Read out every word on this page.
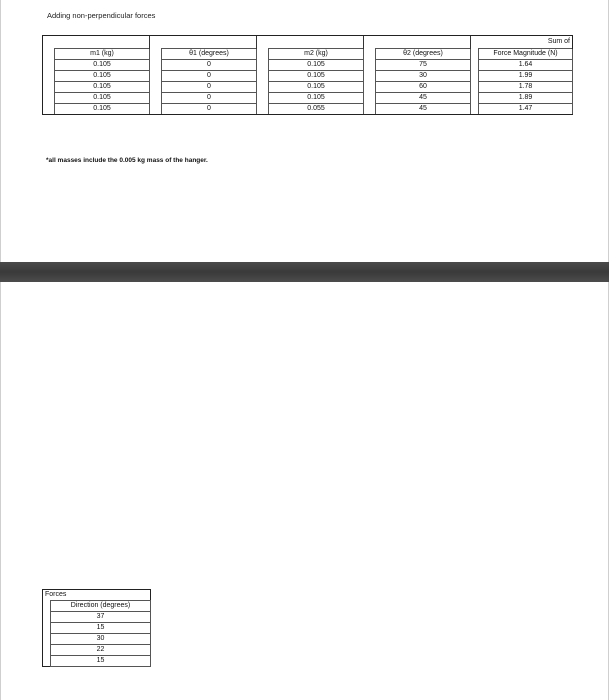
Adding non-perpendicular forces
									Sum of
	m1 (kg)		θ1 (degrees)		m2 (kg)		θ2 (degrees)		Force Magnitude (N)
	0.105		0		0.105		75		1.64
	0.105		0		0.105		30		1.99
	0.105		0		0.105		60		1.78
	0.105		0		0.105		45		1.89
	0.105		0		0.055		45		1.47
*all masses include the 0.005 kg mass of the hanger.
Forces	
	Direction (degrees)
	37
	15
	30
	22
	15
